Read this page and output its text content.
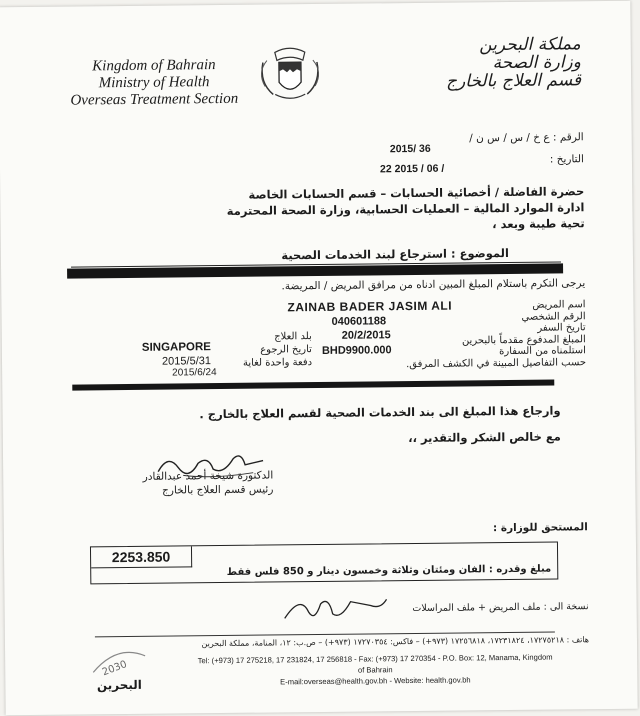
Kingdom of Bahrain
Ministry of Health
Overseas Treatment Section
مملكة البحرين
وزارة الصحة
قسم العلاج بالخارج
الرقم : ع خ / س / س ن /
2015/ 36
التاريخ :
22 2015 / 06 /
حضرة الفاضلة / أخصائية الحسابات – قسم الحسابات الخاصة
ادارة الموارد المالية – العمليات الحسابية، وزارة الصحة المحترمة
تحية طيبة وبعد ،
الموضوع : استرجاع لبند الخدمات الصحية
يرجى التكرم باستلام المبلغ المبين ادناه من مرافق المريض / المريضة.
اسم المريض
الرقم الشخصي
تاريخ السفر
المبلغ المدفوع مقدماً بالبحرين
استلمناه من السفارة
حسب التفاصيل المبينة في الكشف المرفق.
ZAINAB BADER JASIM ALI
040601188
20/2/2015
BHD9900.000
بلد العلاج
تاريخ الرجوع
دفعة واحدة لغاية
SINGAPORE
2015/5/31
2015/6/24
وارجاع هذا المبلغ الى بند الخدمات الصحية لقسم العلاج بالخارج .
مع خالص الشكر والتقدير ،،
الدكتورة شيخة أحمد عبدالقادر
رئيس قسم العلاج بالخارج
المستحق للوزارة :
2253.850
مبلغ وقدره : الفان ومئتان وثلاثة وخمسون دينار و 850 فلس فقط
نسخة الى : ملف المريض + ملف المراسلات
هاتف : ١٧٢٧٥٢١٨، ١٧٢٣١٨٢٤، ١٧٢٥٦٨١٨ (٩٧٣+) – فاكس: ١٧٢٧٠٣٥٤ (٩٧٣+) – ص.ب: ١٢، المنامة، مملكة البحرين
Tel: (+973) 17 275218, 17 231824, 17 256818 - Fax: (+973) 17 270354 - P.O. Box: 12, Manama, Kingdom of Bahrain
E-mail:overseas@health.gov.bh - Website: health.gov.bh
2030
البحرين
